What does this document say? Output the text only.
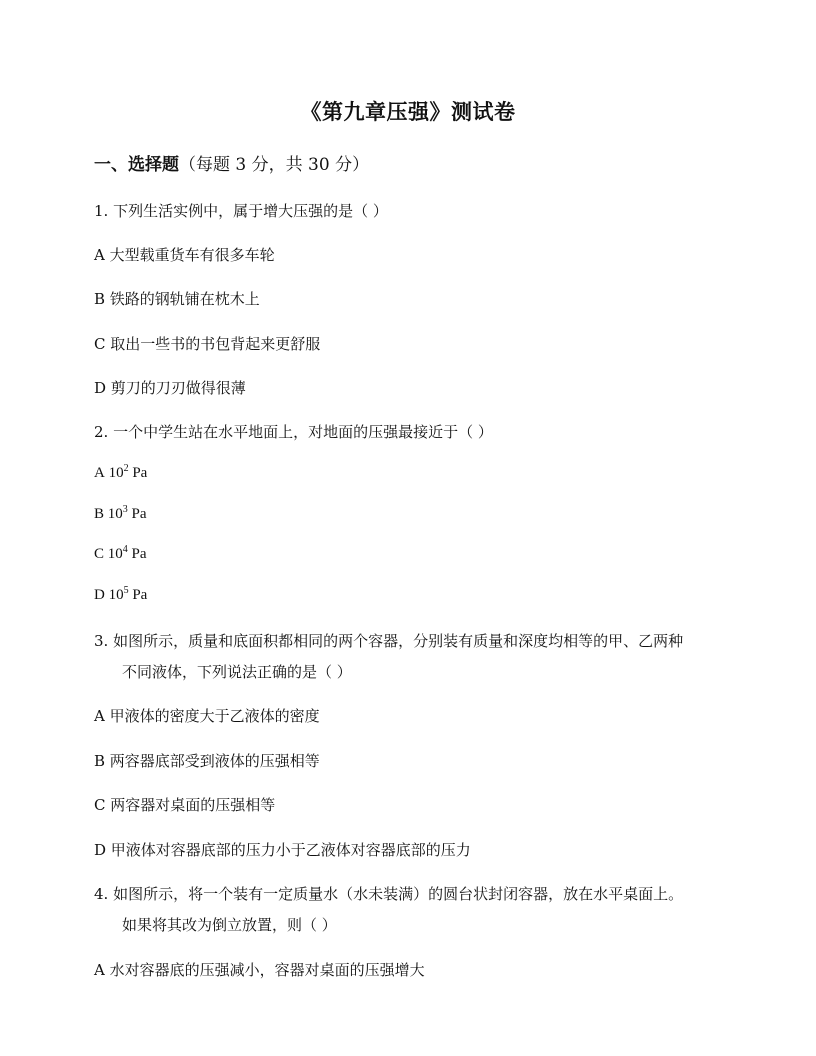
《第九章压强》测试卷
一、选择题（每题 3 分，共 30 分）
1. 下列生活实例中，属于增大压强的是（ ）
A 大型载重货车有很多车轮
B 铁路的钢轨铺在枕木上
C 取出一些书的书包背起来更舒服
D 剪刀的刀刃做得很薄
2. 一个中学生站在水平地面上，对地面的压强最接近于（ ）
A $10^2$ Pa
B $10^3$ Pa
C $10^4$ Pa
D $10^5$ Pa
3. 如图所示，质量和底面积都相同的两个容器，分别装有质量和深度均相等的甲、乙两种
不同液体，下列说法正确的是（ ）
A 甲液体的密度大于乙液体的密度
B 两容器底部受到液体的压强相等
C 两容器对桌面的压强相等
D 甲液体对容器底部的压力小于乙液体对容器底部的压力
4. 如图所示，将一个装有一定质量水（水未装满）的圆台状封闭容器，放在水平桌面上。
如果将其改为倒立放置，则（ ）
A 水对容器底的压强减小，容器对桌面的压强增大
